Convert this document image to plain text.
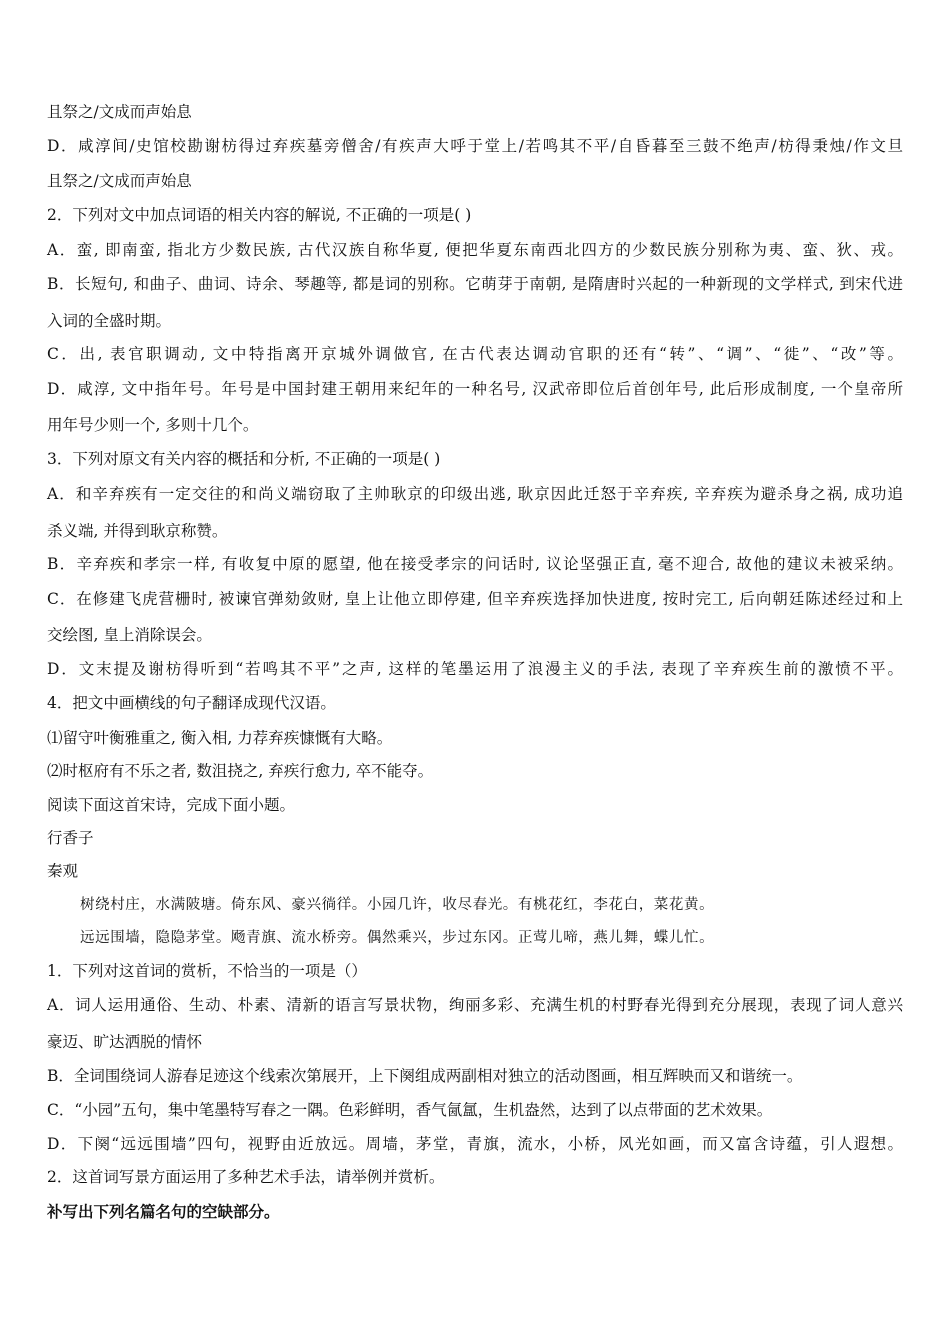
且祭之/文成而声始息
D．咸淳间/史馆校勘谢枋得过弃疾墓旁僧舍/有疾声大呼于堂上/若鸣其不平/自昏暮至三鼓不绝声/枋得秉烛/作文旦
且祭之/文成而声始息
2．下列对文中加点词语的相关内容的解说, 不正确的一项是( )
A．蛮, 即南蛮, 指北方少数民族, 古代汉族自称华夏, 便把华夏东南西北四方的少数民族分别称为夷、蛮、狄、戎。
B．长短句, 和曲子、曲词、诗余、琴趣等, 都是词的别称。它萌芽于南朝, 是隋唐时兴起的一种新现的文学样式, 到宋代进
入词的全盛时期。
C．出, 表官职调动, 文中特指离开京城外调做官, 在古代表达调动官职的还有“转”、“调”、“徙”、“改”等。
D．咸淳, 文中指年号。年号是中国封建王朝用来纪年的一种名号, 汉武帝即位后首创年号, 此后形成制度, 一个皇帝所
用年号少则一个, 多则十几个。
3．下列对原文有关内容的概括和分析, 不正确的一项是( )
A．和辛弃疾有一定交往的和尚义端窃取了主帅耿京的印级出逃, 耿京因此迁怒于辛弃疾, 辛弃疾为避杀身之祸, 成功追
杀义端, 并得到耿京称赞。
B．辛弃疾和孝宗一样, 有收复中原的愿望, 他在接受孝宗的问话时, 议论坚强正直, 毫不迎合, 故他的建议未被采纳。
C．在修建飞虎营栅时, 被谏官弹劾敛财, 皇上让他立即停建, 但辛弃疾选择加快进度, 按时完工, 后向朝廷陈述经过和上
交绘图, 皇上消除误会。
D．文末提及谢枋得听到“若鸣其不平”之声, 这样的笔墨运用了浪漫主义的手法, 表现了辛弃疾生前的激愤不平。
4．把文中画横线的句子翻译成现代汉语。
⑴留守叶衡雅重之, 衡入相, 力荐弃疾慷慨有大略。
⑵时枢府有不乐之者, 数沮挠之, 弃疾行愈力, 卒不能夺。
阅读下面这首宋诗，完成下面小题。
行香子
秦观
树绕村庄，水满陂塘。倚东风、豪兴徜徉。小园几许，收尽春光。有桃花红，李花白，菜花黄。
远远围墙，隐隐茅堂。飏青旗、流水桥旁。偶然乘兴，步过东冈。正莺儿啼，燕儿舞，蝶儿忙。
1．下列对这首词的赏析，不恰当的一项是（）
A．词人运用通俗、生动、朴素、清新的语言写景状物，绚丽多彩、充满生机的村野春光得到充分展现，表现了词人意兴
豪迈、旷达洒脱的情怀
B．全词围绕词人游春足迹这个线索次第展开，上下阕组成两副相对独立的活动图画，相互辉映而又和谐统一。
C．“小园”五句，集中笔墨特写春之一隅。色彩鲜明，香气氤氲，生机盎然，达到了以点带面的艺术效果。
D．下阕“远远围墙”四句，视野由近放远。周墙，茅堂，青旗，流水，小桥，风光如画，而又富含诗蕴，引人遐想。
2．这首词写景方面运用了多种艺术手法，请举例并赏析。
补写出下列名篇名句的空缺部分。
